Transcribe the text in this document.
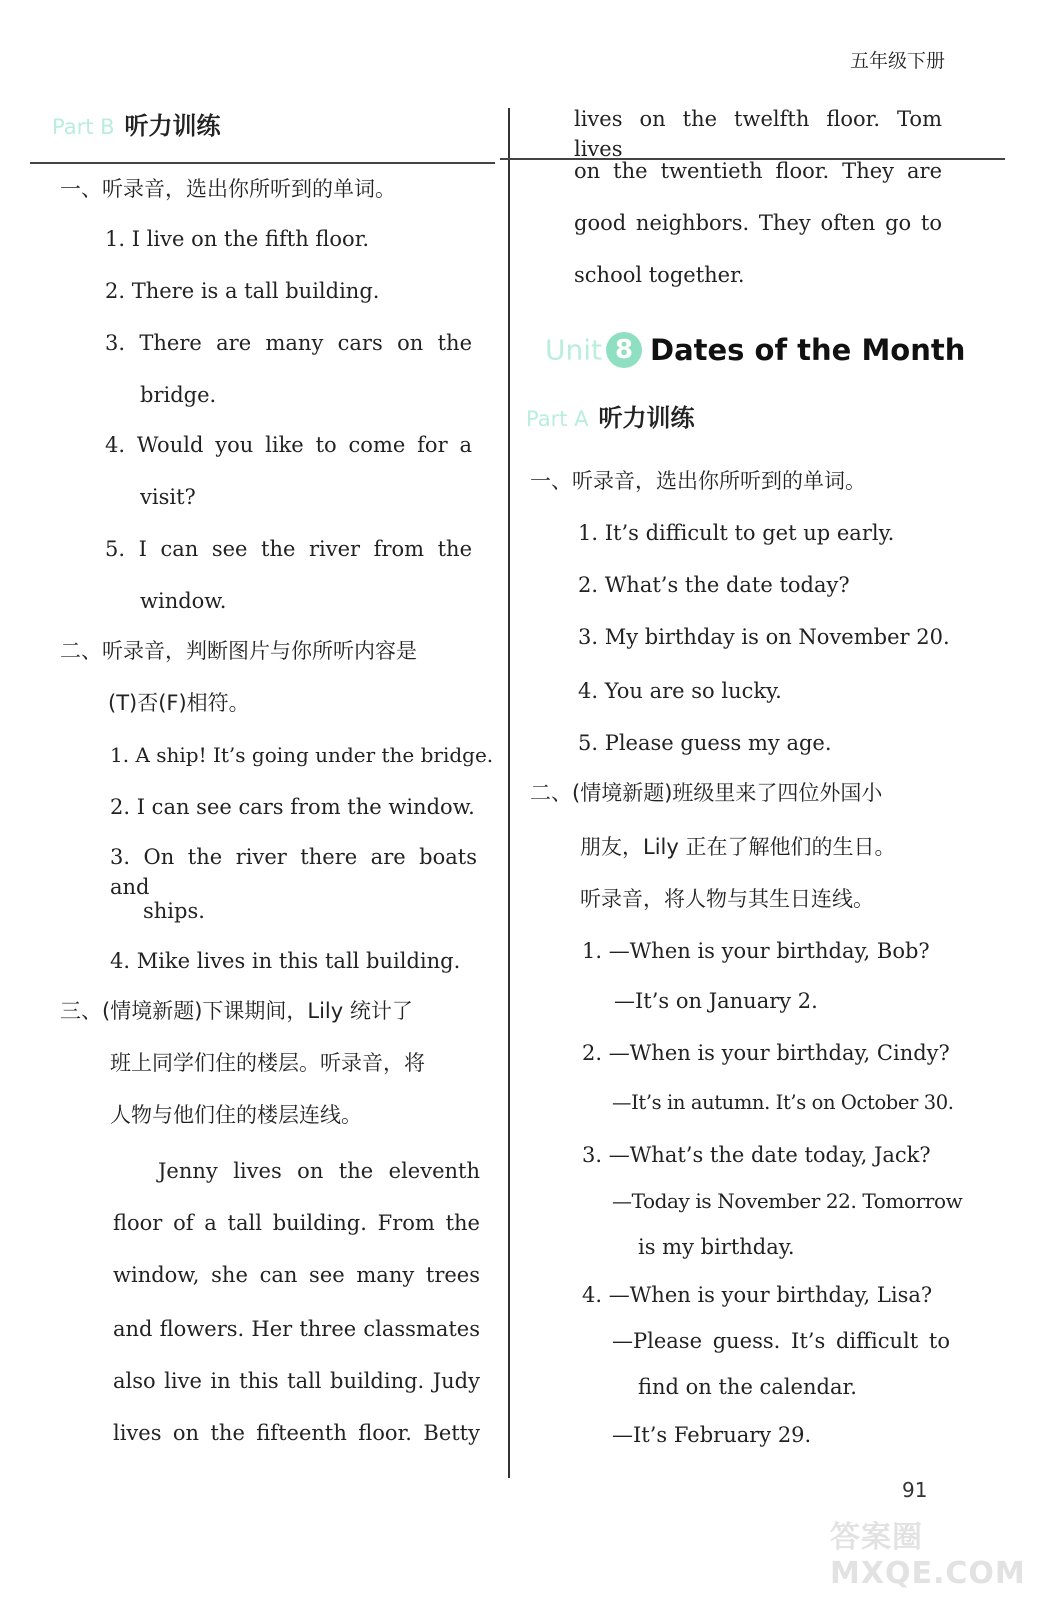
五年级下册
Part B 听力训练
一、听录音，选出你所听到的单词。
1. I live on the fifth floor.
2. There is a tall building.
3. There are many cars on the
bridge.
4. Would you like to come for a
visit?
5. I can see the river from the
window.
二、听录音，判断图片与你所听内容是
(T)否(F)相符。
1. A ship! It’s going under the bridge.
2. I can see cars from the window.
3. On the river there are boats and
ships.
4. Mike lives in this tall building.
三、(情境新题)下课期间，Lily 统计了
班上同学们住的楼层。听录音，将
人物与他们住的楼层连线。
Jenny lives on the eleventh
floor of a tall building. From the
window, she can see many trees
and flowers. Her three classmates
also live in this tall building. Judy
lives on the fifteenth floor. Betty
lives on the twelfth floor. Tom lives
on the twentieth floor. They are
good neighbors. They often go to
school together.
Unit 8 Dates of the Month
Part A 听力训练
一、听录音，选出你所听到的单词。
1. It’s difficult to get up early.
2. What’s the date today?
3. My birthday is on November 20.
4. You are so lucky.
5. Please guess my age.
二、(情境新题)班级里来了四位外国小
朋友，Lily 正在了解他们的生日。
听录音，将人物与其生日连线。
1. —When is your birthday, Bob?
—It’s on January 2.
2. —When is your birthday, Cindy?
—It’s in autumn. It’s on October 30.
3. —What’s the date today, Jack?
—Today is November 22. Tomorrow
is my birthday.
4. —When is your birthday, Lisa?
—Please guess. It’s difficult to
find on the calendar.
—It’s February 29.
91
答案圈 MXQE.COM
